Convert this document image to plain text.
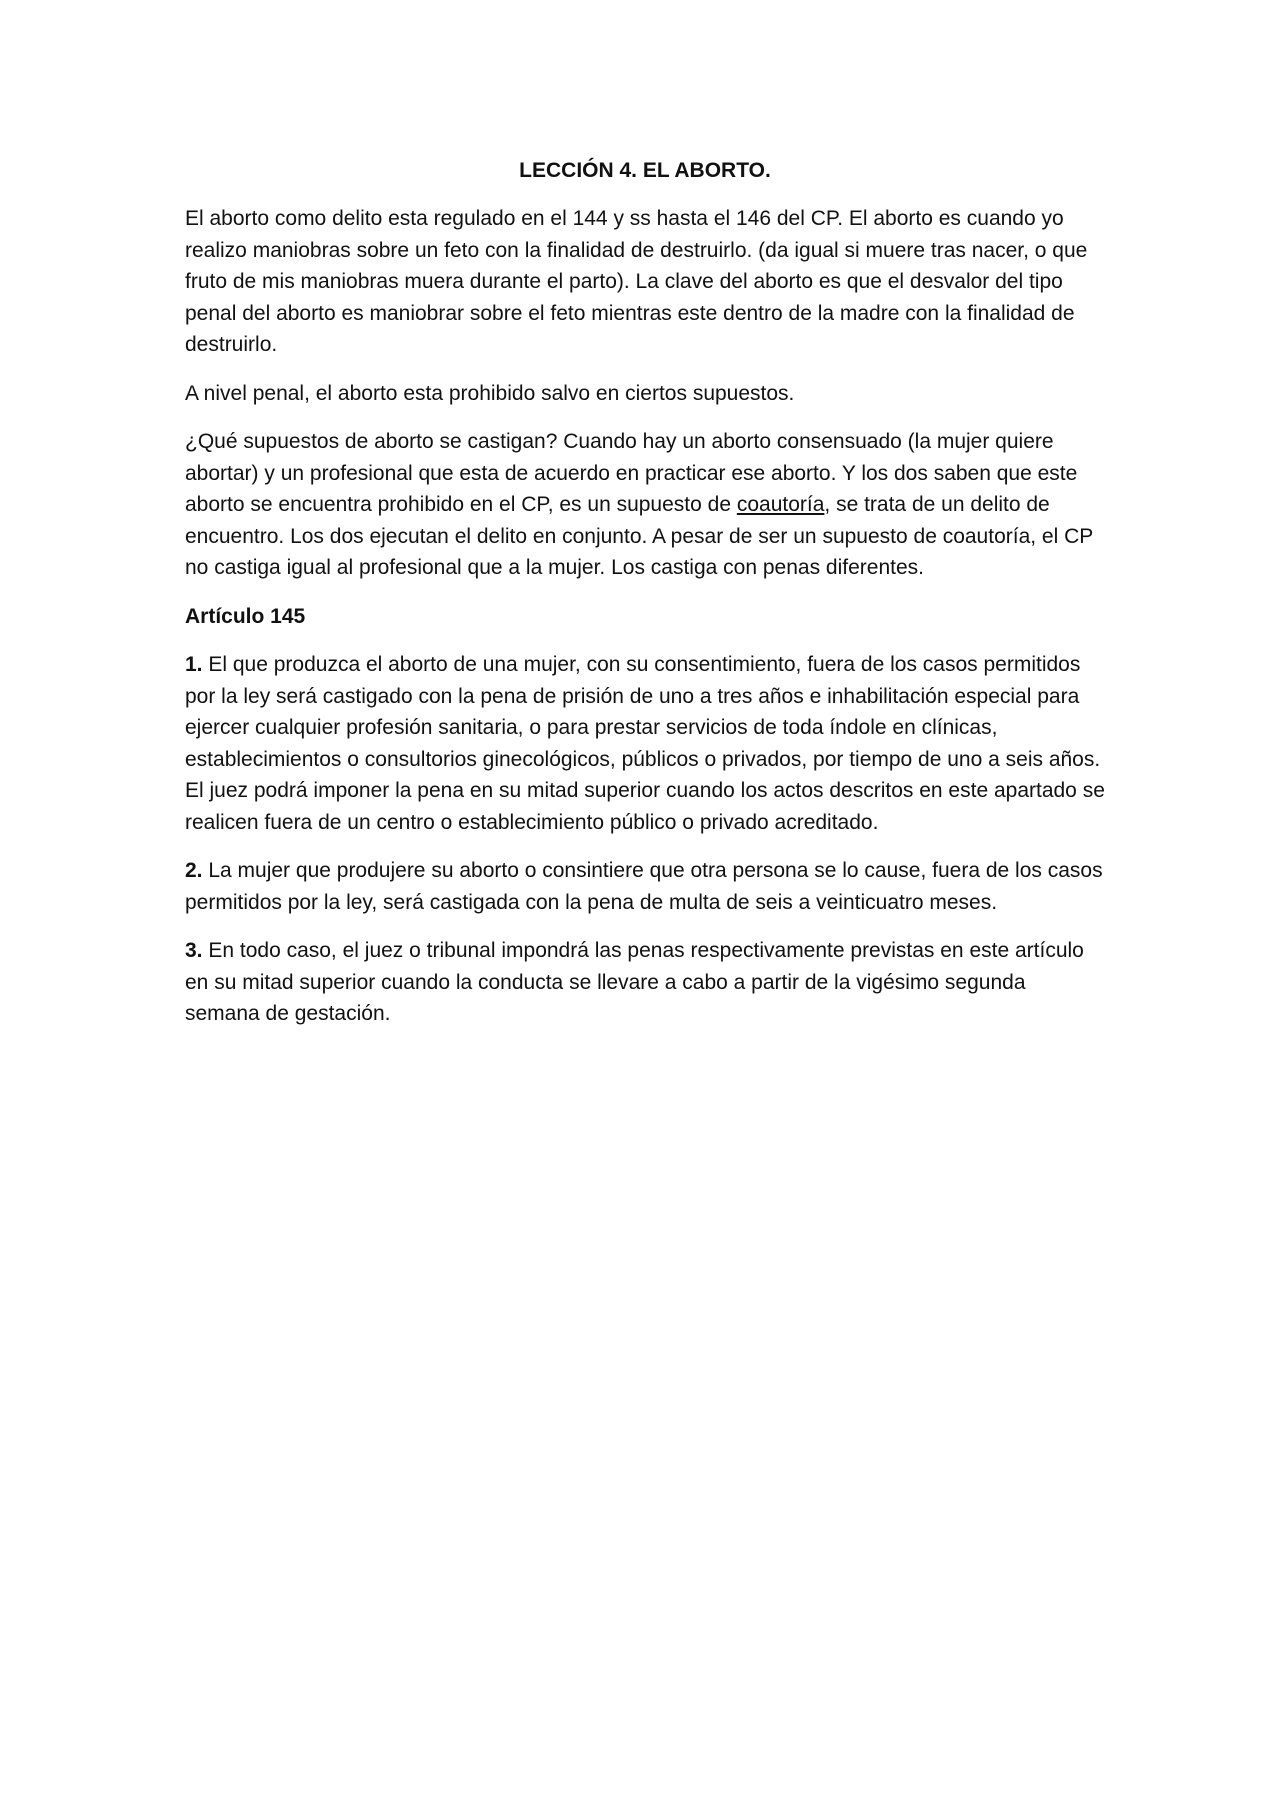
LECCIÓN 4. EL ABORTO.

El aborto como delito esta regulado en el 144 y ss hasta el 146 del CP. El aborto es cuando yo realizo maniobras sobre un feto con la finalidad de destruirlo. (da igual si muere tras nacer, o que fruto de mis maniobras muera durante el parto). La clave del aborto es que el desvalor del tipo penal del aborto es maniobrar sobre el feto mientras este dentro de la madre con la finalidad de destruirlo.

A nivel penal, el aborto esta prohibido salvo en ciertos supuestos.

¿Qué supuestos de aborto se castigan? Cuando hay un aborto consensuado (la mujer quiere abortar) y un profesional que esta de acuerdo en practicar ese aborto. Y los dos saben que este aborto se encuentra prohibido en el CP, es un supuesto de coautoría, se trata de un delito de encuentro. Los dos ejecutan el delito en conjunto. A pesar de ser un supuesto de coautoría, el CP no castiga igual al profesional que a la mujer. Los castiga con penas diferentes.

Artículo 145

1. El que produzca el aborto de una mujer, con su consentimiento, fuera de los casos permitidos por la ley será castigado con la pena de prisión de uno a tres años e inhabilitación especial para ejercer cualquier profesión sanitaria, o para prestar servicios de toda índole en clínicas, establecimientos o consultorios ginecológicos, públicos o privados, por tiempo de uno a seis años. El juez podrá imponer la pena en su mitad superior cuando los actos descritos en este apartado se realicen fuera de un centro o establecimiento público o privado acreditado.

2. La mujer que produjere su aborto o consintiere que otra persona se lo cause, fuera de los casos permitidos por la ley, será castigada con la pena de multa de seis a veinticuatro meses.

3. En todo caso, el juez o tribunal impondrá las penas respectivamente previstas en este artículo en su mitad superior cuando la conducta se llevare a cabo a partir de la vigésimo segunda semana de gestación.
